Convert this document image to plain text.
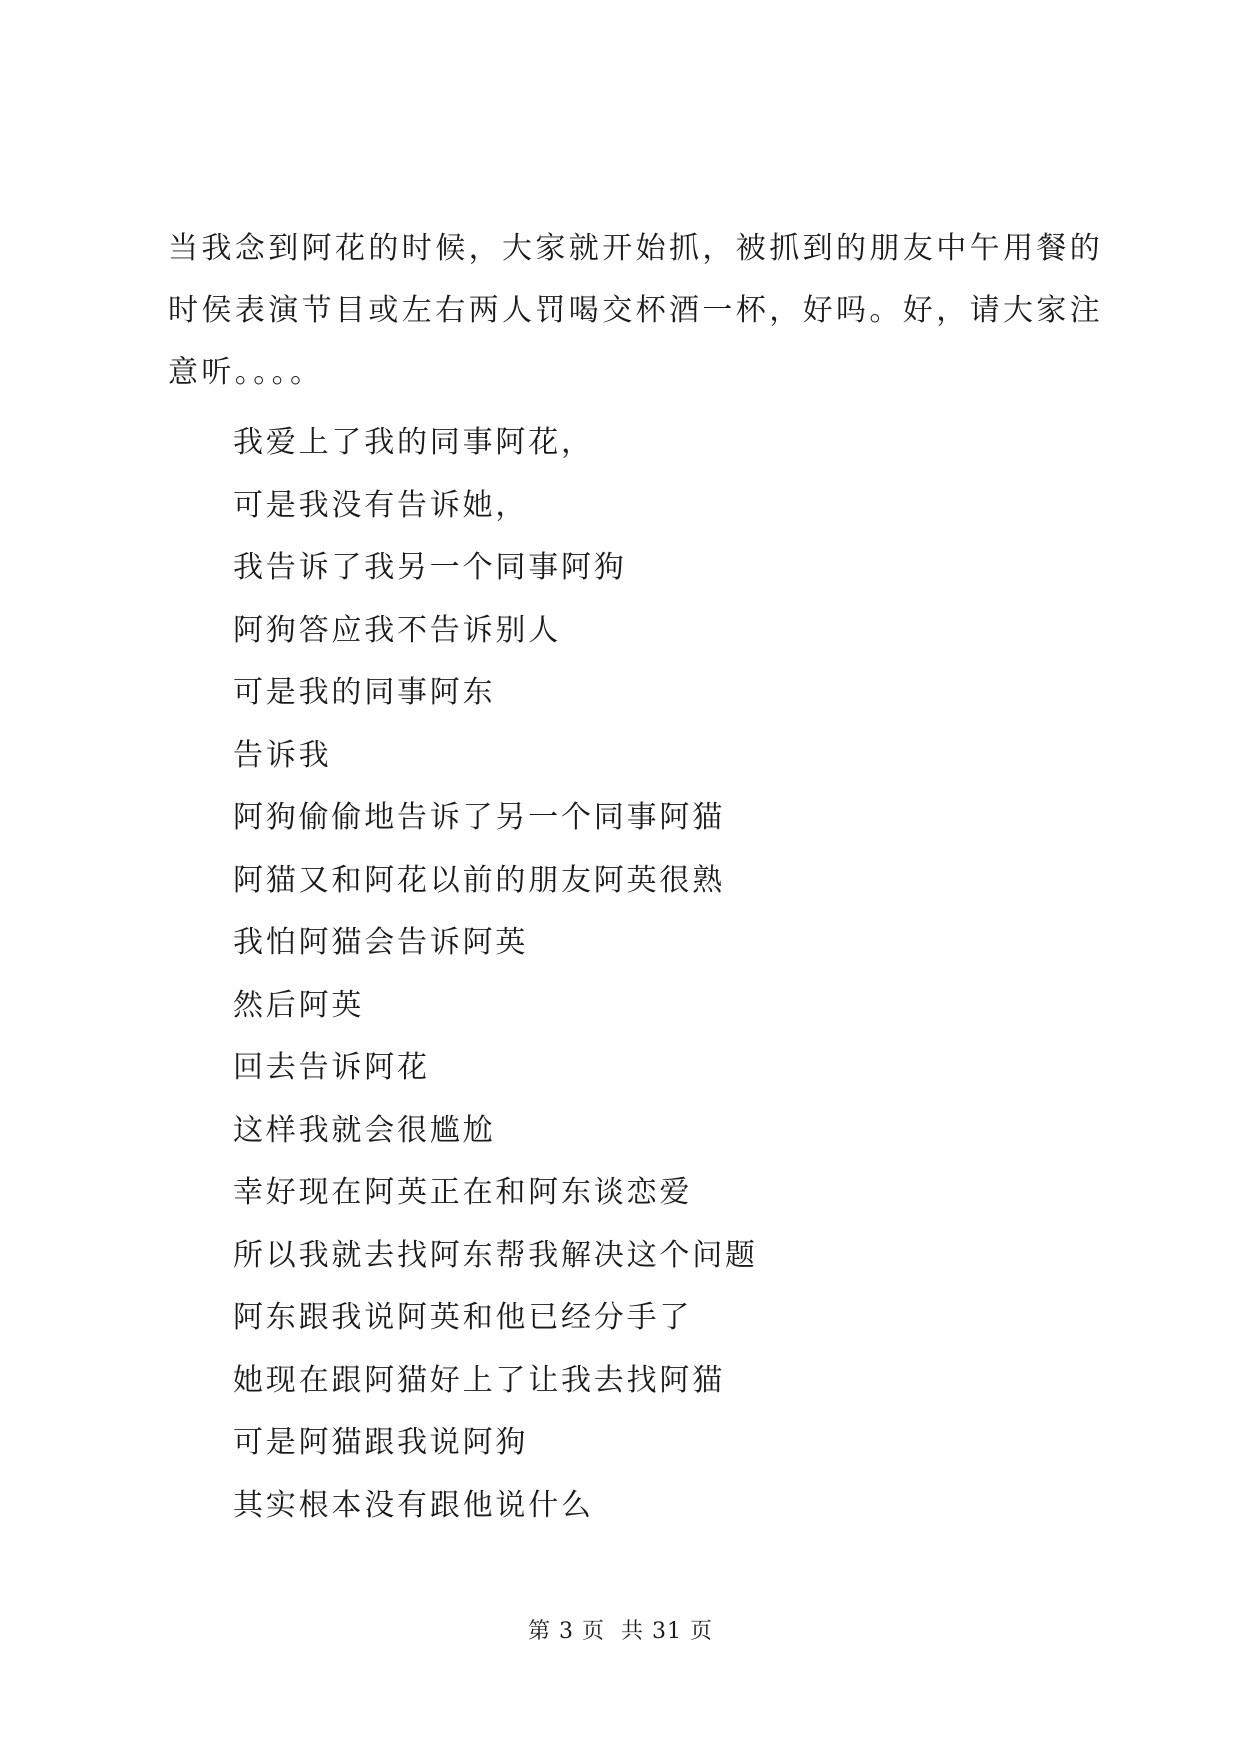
当我念到阿花的时候，大家就开始抓，被抓到的朋友中午用餐的
时侯表演节目或左右两人罚喝交杯酒一杯，好吗。好，请大家注
意听。。。。
我爱上了我的同事阿花，
可是我没有告诉她，
我告诉了我另一个同事阿狗
阿狗答应我不告诉别人
可是我的同事阿东
告诉我
阿狗偷偷地告诉了另一个同事阿猫
阿猫又和阿花以前的朋友阿英很熟
我怕阿猫会告诉阿英
然后阿英
回去告诉阿花
这样我就会很尴尬
幸好现在阿英正在和阿东谈恋爱
所以我就去找阿东帮我解决这个问题
阿东跟我说阿英和他已经分手了
她现在跟阿猫好上了让我去找阿猫
可是阿猫跟我说阿狗
其实根本没有跟他说什么
第 3 页  共 31 页
